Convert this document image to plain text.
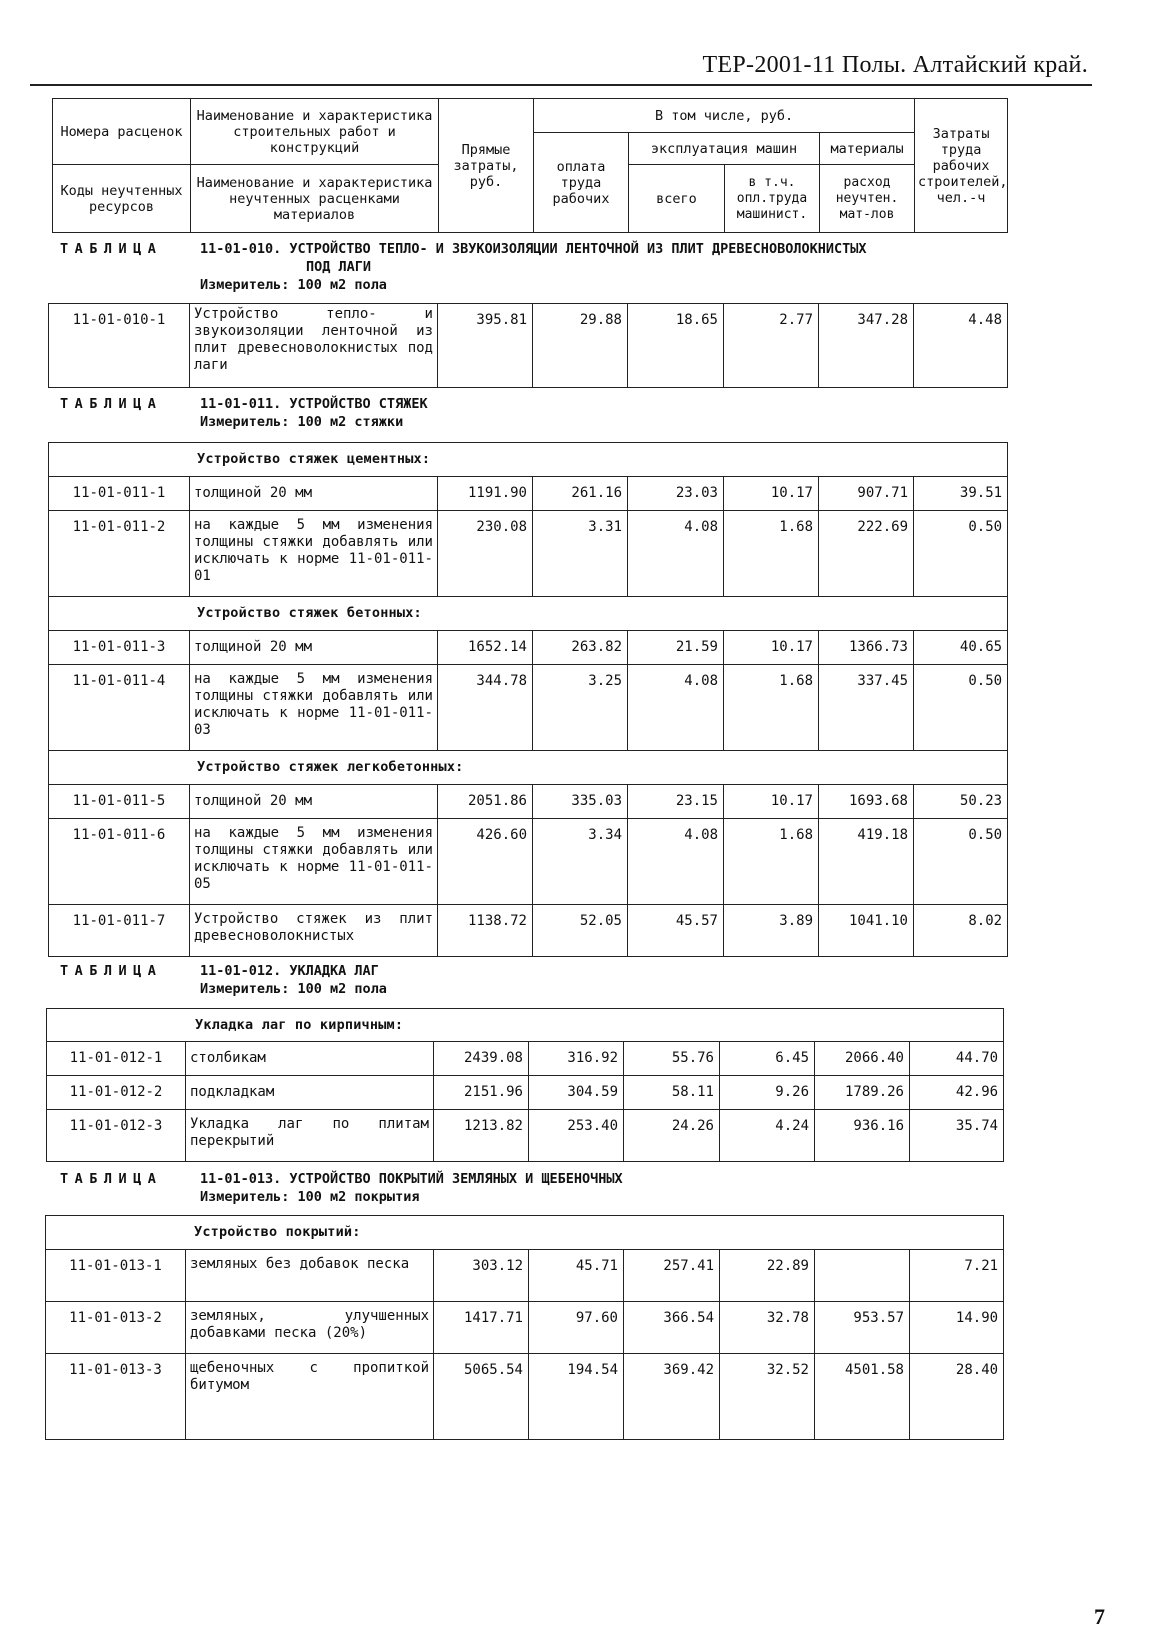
ТЕР-2001-11 Полы. Алтайский край.
Номера расценок	Наименование и характеристика строительных работ и конструкций	Прямые затраты, руб.	В том числе, руб.				Затраты труда рабочих строителей, чел.-ч
			оплата труда рабочих	эксплуатация машин		материалы	
Коды неучтенных ресурсов	Наименование и характеристика неучтенных расценками материалов			всего	в т.ч. опл.труда машинист.	расход неучтен. мат-лов	

ТАБЛИЦА	11-01-010. УСТРОЙСТВО ТЕПЛО- И ЗВУКОИЗОЛЯЦИИ ЛЕНТОЧНОЙ ИЗ ПЛИТ ДРЕВЕСНОВОЛОКНИСТЫХ
ПОД ЛАГИ
Измеритель: 100 м2 пола
11-01-010-1	Устройство тепло- и звукоизоляции ленточной из плит древесноволокнистых под лаги	395.81	29.88	18.65	2.77	347.28	4.48
ТАБЛИЦА	11-01-011. УСТРОЙСТВО СТЯЖЕК
Измеритель: 100 м2 стяжки
Устройство стяжек цементных:							
11-01-011-1	толщиной 20 мм	1191.90	261.16	23.03	10.17	907.71	39.51
11-01-011-2	на каждые 5 мм изменения толщины стяжки добавлять или исключать к норме 11-01-011-01	230.08	3.31	4.08	1.68	222.69	0.50
Устройство стяжек бетонных:							
11-01-011-3	толщиной 20 мм	1652.14	263.82	21.59	10.17	1366.73	40.65
11-01-011-4	на каждые 5 мм изменения толщины стяжки добавлять или исключать к норме 11-01-011-03	344.78	3.25	4.08	1.68	337.45	0.50
Устройство стяжек легкобетонных:							
11-01-011-5	толщиной 20 мм	2051.86	335.03	23.15	10.17	1693.68	50.23
11-01-011-6	на каждые 5 мм изменения толщины стяжки добавлять или исключать к норме 11-01-011-05	426.60	3.34	4.08	1.68	419.18	0.50
11-01-011-7	Устройство стяжек из плит древесноволокнистых	1138.72	52.05	45.57	3.89	1041.10	8.02
ТАБЛИЦА	11-01-012. УКЛАДКА ЛАГ
Измеритель: 100 м2 пола
Укладка лаг по кирпичным:							
11-01-012-1	столбикам	2439.08	316.92	55.76	6.45	2066.40	44.70
11-01-012-2	подкладкам	2151.96	304.59	58.11	9.26	1789.26	42.96
11-01-012-3	Укладка лаг по плитам перекрытий	1213.82	253.40	24.26	4.24	936.16	35.74
ТАБЛИЦА	11-01-013. УСТРОЙСТВО ПОКРЫТИЙ ЗЕМЛЯНЫХ И ЩЕБЕНОЧНЫХ
Измеритель: 100 м2 покрытия
Устройство покрытий:							
11-01-013-1	земляных без добавок песка	303.12	45.71	257.41	22.89		7.21
11-01-013-2	земляных, улучшенных добавками песка (20%)	1417.71	97.60	366.54	32.78	953.57	14.90
11-01-013-3	щебеночных с пропиткой битумом	5065.54	194.54	369.42	32.52	4501.58	28.40
7
